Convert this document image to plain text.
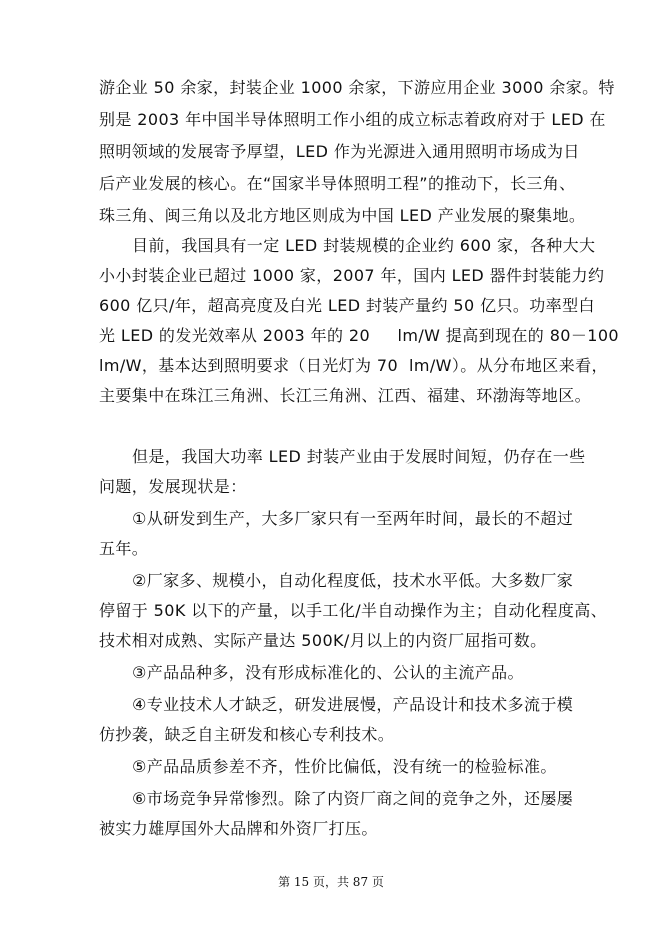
游企业 50 余家，封装企业 1000 余家，下游应用企业 3000 余家。特
别是 2003 年中国半导体照明工作小组的成立标志着政府对于 LED 在
照明领域的发展寄予厚望，LED 作为光源进入通用照明市场成为日
后产业发展的核心。在“国家半导体照明工程”的推动下，长三角、
珠三角、闽三角以及北方地区则成为中国 LED 产业发展的聚集地。
目前，我国具有一定 LED 封装规模的企业约 600 家，各种大大
小小封装企业已超过 1000 家，2007 年，国内 LED 器件封装能力约
600 亿只/年，超高亮度及白光 LED 封装产量约 50 亿只。功率型白
光 LED 的发光效率从 2003 年的 20     lm/W 提高到现在的 80－100
lm/W，基本达到照明要求（日光灯为 70  lm/W）。从分布地区来看，
主要集中在珠江三角洲、长江三角洲、江西、福建、环渤海等地区。
但是，我国大功率 LED 封装产业由于发展时间短，仍存在一些
问题，发展现状是：
①从研发到生产，大多厂家只有一至两年时间，最长的不超过
五年。
②厂家多、规模小，自动化程度低，技术水平低。大多数厂家
停留于 50K 以下的产量，以手工化/半自动操作为主；自动化程度高、
技术相对成熟、实际产量达 500K/月以上的内资厂屈指可数。
③产品品种多，没有形成标准化的、公认的主流产品。
④专业技术人才缺乏，研发进展慢，产品设计和技术多流于模
仿抄袭，缺乏自主研发和核心专利技术。
⑤产品品质参差不齐，性价比偏低，没有统一的检验标准。
⑥市场竞争异常惨烈。除了内资厂商之间的竞争之外，还屡屡
被实力雄厚国外大品牌和外资厂打压。
第 15 页，共 87 页
